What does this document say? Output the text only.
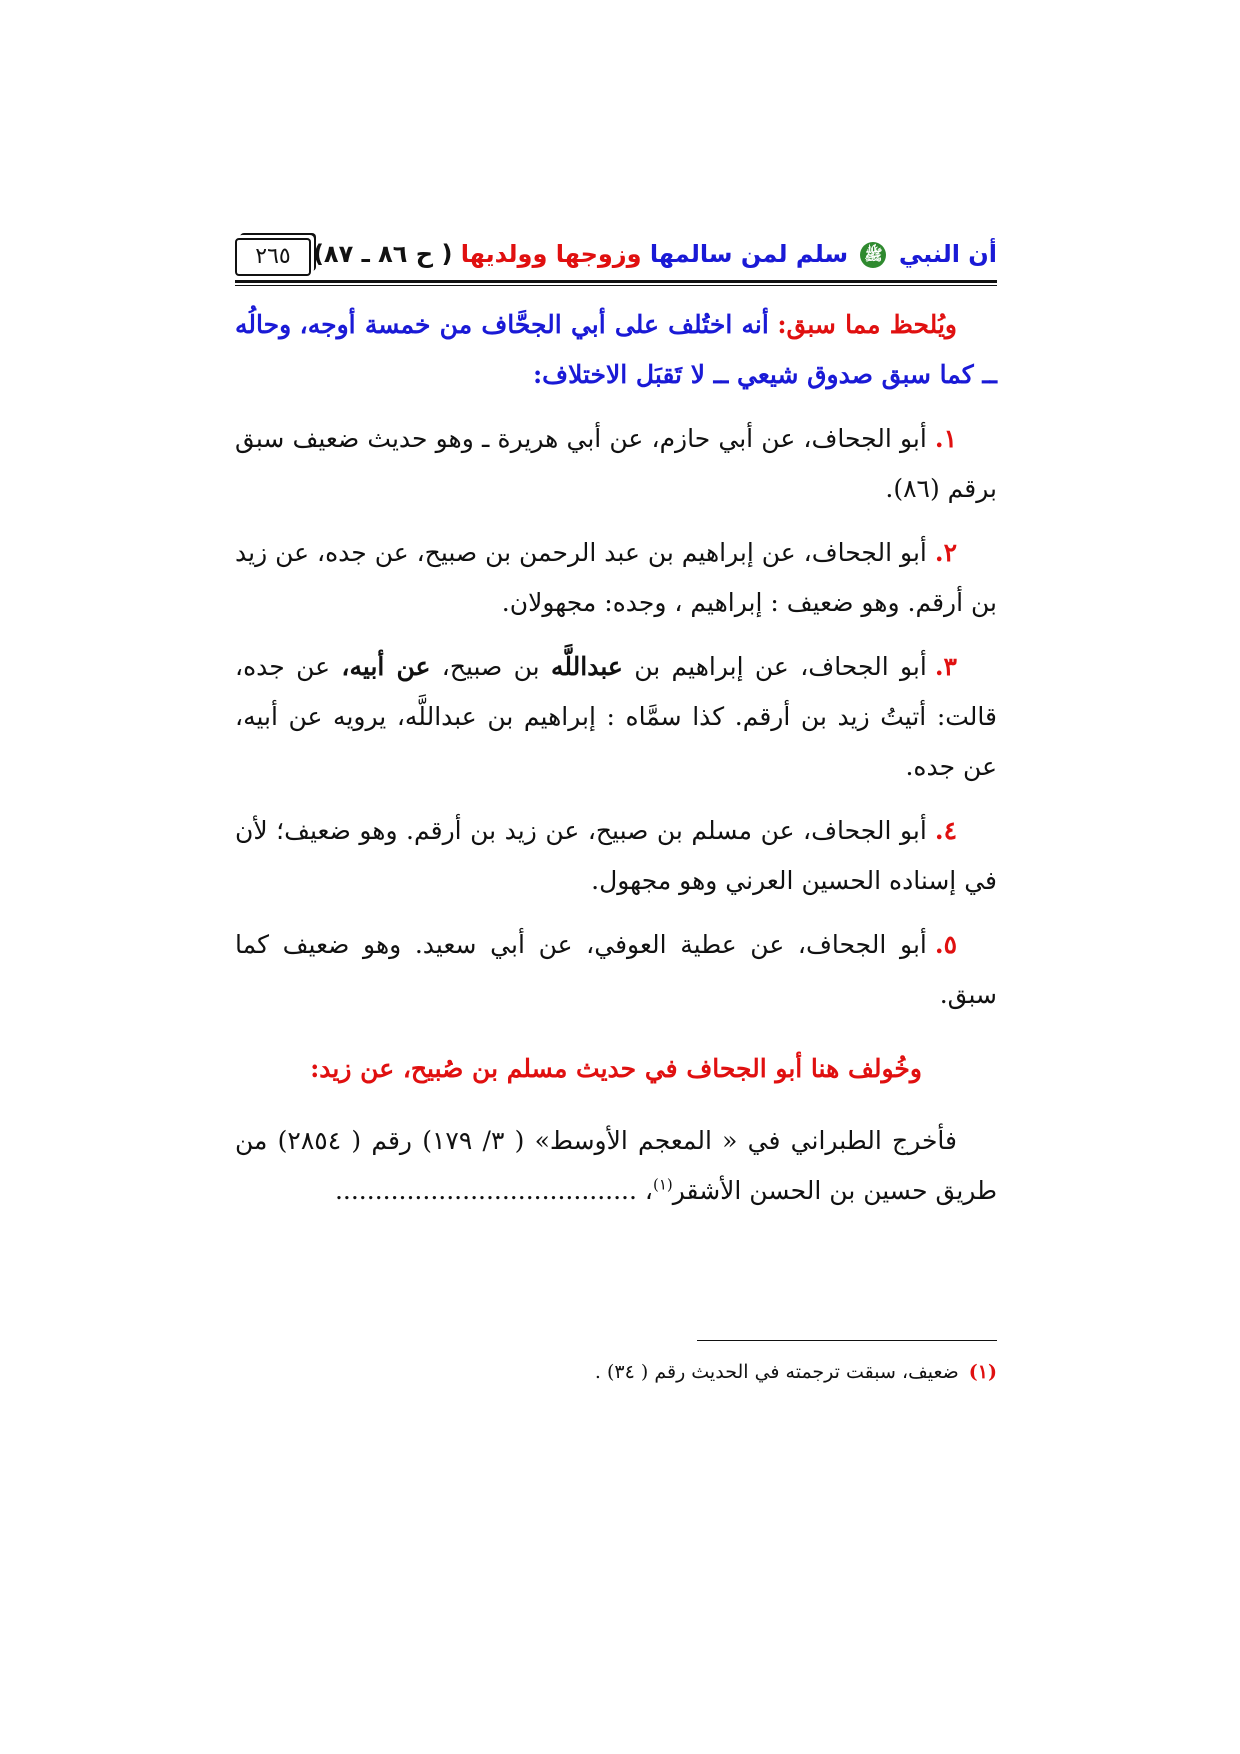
أن النبي ﷺ سلم لمن سالمها وزوجها وولديها ( ح ٨٦ ـ ٨٧)
٢٦٥

ويُلحظ مما سبق: أنه اختُلف على أبي الجحَّاف من خمسة أوجه، وحالُه ــ كما سبق صدوق شيعي ــ لا تَقبَل الاختلاف:

١.أبو الجحاف، عن أبي حازم، عن أبي هريرة ـ وهو حديث ضعيف سبق برقم (٨٦).

٢.أبو الجحاف، عن إبراهيم بن عبد الرحمن بن صبيح، عن جده، عن زيد بن أرقم. وهو ضعيف : إبراهيم ، وجده: مجهولان.

٣.أبو الجحاف، عن إبراهيم بن عبداللَّه بن صبيح، عن أبيه، عن جده، قالت: أتيتُ زيد بن أرقم. كذا سمَّاه : إبراهيم بن عبداللَّه، يرويه عن أبيه، عن جده.

٤.أبو الجحاف، عن مسلم بن صبيح، عن زيد بن أرقم. وهو ضعيف؛ لأن في إسناده الحسين العرني وهو مجهول.

٥.أبو الجحاف، عن عطية العوفي، عن أبي سعيد. وهو ضعيف كما سبق.

وخُولف هنا أبو الجحاف في حديث مسلم بن صُبيح، عن زيد:

فأخرج الطبراني في « المعجم الأوسط» ( ٣/ ١٧٩) رقم ( ٢٨٥٤) من طريق حسين بن الحسن الأشقر$^{(١)}$، ......................................

(١)ضعيف، سبقت ترجمته في الحديث رقم ( ٣٤) .
